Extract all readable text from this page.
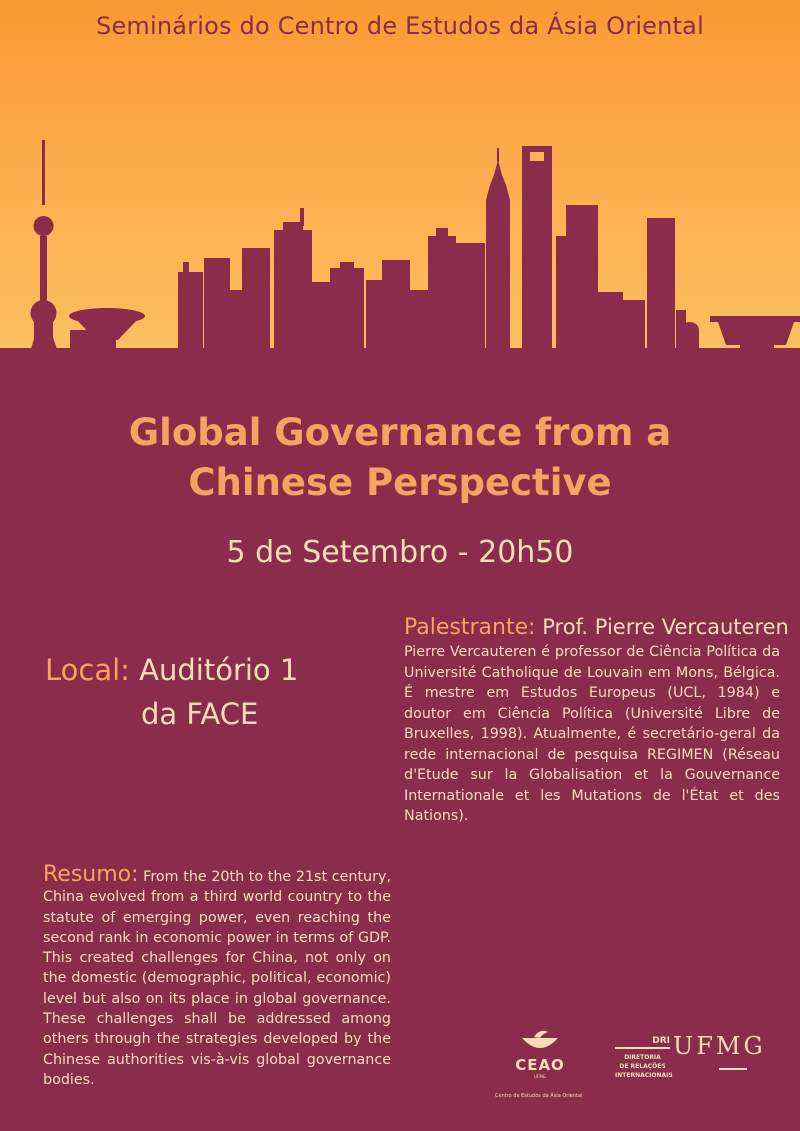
Seminários do Centro de Estudos da Ásia Oriental
Global Governance from a
Chinese Perspective
5 de Setembro - 20h50
Local: Auditório 1
da FACE
Palestrante: Prof. Pierre Vercauteren
Pierre Vercauteren é professor de Ciência Política da Université Catholique de Louvain em Mons, Bélgica. É mestre em Estudos Europeus (UCL, 1984) e doutor em Ciência Política (Université Libre de Bruxelles, 1998). Atualmente, é secretário-geral da rede internacional de pesquisa REGIMEN (Réseau d'Etude sur la Globalisation et la Gouvernance Internationale et les Mutations de l'État et des Nations).
Resumo: From the 20th to the 21st century, China evolved from a third world country to the statute of emerging power, even reaching the second rank in economic power in terms of GDP. This created challenges for China, not only on the domestic (demographic, political, economic) level but also on its place in global governance. These challenges shall be addressed among others through the strategies developed by the Chinese authorities vis-à-vis global governance bodies.
CEAO
UFMG
Centro de Estudos da Ásia Oriental
DRI
DIRETORIA
DE RELAÇÕES
INTERNACIONAIS
UFMG
